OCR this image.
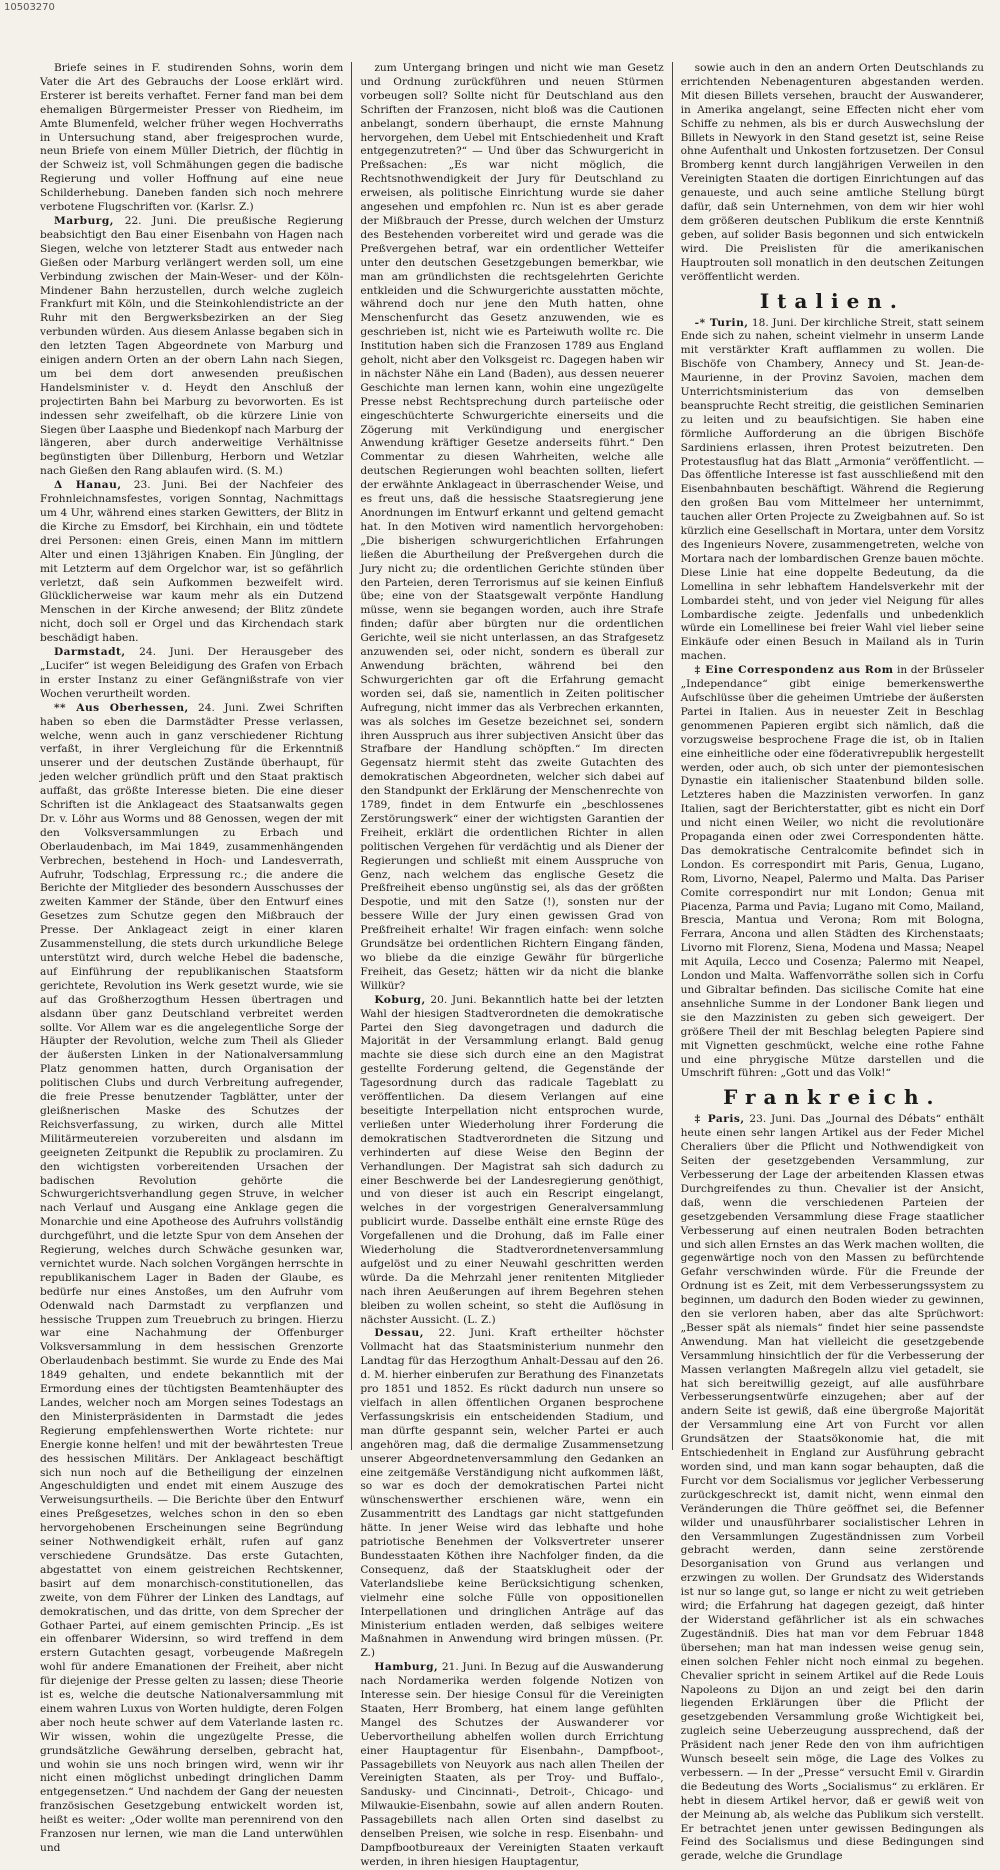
10503270

Briefe seines in F. studirenden Sohns, worin dem Vater die Art des Gebrauchs der Loose erklärt wird. Ersterer ist bereits verhaftet. Ferner fand man bei dem ehemaligen Bürgermeister Presser von Riedheim, im Amte Blumenfeld, welcher früher wegen Hochverraths in Untersuchung stand, aber freigesprochen wurde, neun Briefe von einem Müller Dietrich, der flüchtig in der Schweiz ist, voll Schmähungen gegen die badische Regierung und voller Hoffnung auf eine neue Schilderhebung. Daneben fanden sich noch mehrere verbotene Flugschriften vor. (Karlsr. Z.)

Marburg, 22. Juni. Die preußische Regierung beabsichtigt den Bau einer Eisenbahn von Hagen nach Siegen, welche von letzterer Stadt aus entweder nach Gießen oder Marburg verlängert werden soll, um eine Verbindung zwischen der Main-Weser- und der Köln-Mindener Bahn herzustellen, durch welche zugleich Frankfurt mit Köln, und die Steinkohlendistricte an der Ruhr mit den Bergwerksbezirken an der Sieg verbunden würden. Aus diesem Anlasse begaben sich in den letzten Tagen Abgeordnete von Marburg und einigen andern Orten an der obern Lahn nach Siegen, um bei dem dort anwesenden preußischen Handelsminister v. d. Heydt den Anschluß der projectirten Bahn bei Marburg zu bevorworten. Es ist indessen sehr zweifelhaft, ob die kürzere Linie von Siegen über Laasphe und Biedenkopf nach Marburg der längeren, aber durch anderweitige Verhältnisse begünstigten über Dillenburg, Herborn und Wetzlar nach Gießen den Rang ablaufen wird. (S. M.)

Δ Hanau, 23. Juni. Bei der Nachfeier des Frohnleichnamsfestes, vorigen Sonntag, Nachmittags um 4 Uhr, während eines starken Gewitters, der Blitz in die Kirche zu Emsdorf, bei Kirchhain, ein und tödtete drei Personen: einen Greis, einen Mann im mittlern Alter und einen 13jährigen Knaben. Ein Jüngling, der mit Letzterm auf dem Orgelchor war, ist so gefährlich verletzt, daß sein Aufkommen bezweifelt wird. Glücklicherweise war kaum mehr als ein Dutzend Menschen in der Kirche anwesend; der Blitz zündete nicht, doch soll er Orgel und das Kirchendach stark beschädigt haben.

Darmstadt, 24. Juni. Der Herausgeber des „Lucifer“ ist wegen Beleidigung des Grafen von Erbach in erster Instanz zu einer Gefängnißstrafe von vier Wochen verurtheilt worden.

** Aus Oberhessen, 24. Juni. Zwei Schriften haben so eben die Darmstädter Presse verlassen, welche, wenn auch in ganz verschiedener Richtung verfaßt, in ihrer Vergleichung für die Erkenntniß unserer und der deutschen Zustände überhaupt, für jeden welcher gründlich prüft und den Staat praktisch auffaßt, das größte Interesse bieten. Die eine dieser Schriften ist die Anklageact des Staatsanwalts gegen Dr. v. Löhr aus Worms und 88 Genossen, wegen der mit den Volksversammlungen zu Erbach und Oberlaudenbach, im Mai 1849, zusammenhängenden Verbrechen, bestehend in Hoch- und Landesverrath, Aufruhr, Todschlag, Erpressung rc.; die andere die Berichte der Mitglieder des besondern Ausschusses der zweiten Kammer der Stände, über den Entwurf eines Gesetzes zum Schutze gegen den Mißbrauch der Presse. Der Anklageact zeigt in einer klaren Zusammenstellung, die stets durch urkundliche Belege unterstützt wird, durch welche Hebel die badensche, auf Einführung der republikanischen Staatsform gerichtete, Revolution ins Werk gesetzt wurde, wie sie auf das Großherzogthum Hessen übertragen und alsdann über ganz Deutschland verbreitet werden sollte. Vor Allem war es die angelegentliche Sorge der Häupter der Revolution, welche zum Theil als Glieder der äußersten Linken in der Nationalversammlung Platz genommen hatten, durch Organisation der politischen Clubs und durch Verbreitung aufregender, die freie Presse benutzender Tagblätter, unter der gleißnerischen Maske des Schutzes der Reichsverfassung, zu wirken, durch alle Mittel Militärmeutereien vorzubereiten und alsdann im geeigneten Zeitpunkt die Republik zu proclamiren. Zu den wichtigsten vorbereitenden Ursachen der badischen Revolution gehörte die Schwurgerichtsverhandlung gegen Struve, in welcher nach Verlauf und Ausgang eine Anklage gegen die Monarchie und eine Apotheose des Aufruhrs vollständig durchgeführt, und die letzte Spur von dem Ansehen der Regierung, welches durch Schwäche gesunken war, vernichtet wurde. Nach solchen Vorgängen herrschte in republikanischem Lager in Baden der Glaube, es bedürfe nur eines Anstoßes, um den Aufruhr vom Odenwald nach Darmstadt zu verpflanzen und hessische Truppen zum Treuebruch zu bringen. Hierzu war eine Nachahmung der Offenburger Volksversammlung in dem hessischen Grenzorte Oberlaudenbach bestimmt. Sie wurde zu Ende des Mai 1849 gehalten, und endete bekanntlich mit der Ermordung eines der tüchtigsten Beamtenhäupter des Landes, welcher noch am Morgen seines Todestags an den Ministerpräsidenten in Darmstadt die jedes Regierung empfehlenswerthen Worte richtete: nur Energie konne helfen! und mit der bewährtesten Treue des hessischen Militärs. Der Anklageact beschäftigt sich nun noch auf die Betheiligung der einzelnen Angeschuldigten und endet mit einem Auszuge des Verweisungsurtheils. — Die Berichte über den Entwurf eines Preßgesetzes, welches schon in den so eben hervorgehobenen Erscheinungen seine Begründung seiner Nothwendigkeit erhält, rufen auf ganz verschiedene Grundsätze. Das erste Gutachten, abgestattet von einem geistreichen Rechtskenner, basirt auf dem monarchisch-constitutionellen, das zweite, von dem Führer der Linken des Landtags, auf demokratischen, und das dritte, von dem Sprecher der Gothaer Partei, auf einem gemischten Princip. „Es ist ein offenbarer Widersinn, so wird treffend in dem erstern Gutachten gesagt, vorbeugende Maßregeln wohl für andere Emanationen der Freiheit, aber nicht für diejenige der Presse gelten zu lassen; diese Theorie ist es, welche die deutsche Nationalversammlung mit einem wahren Luxus von Worten huldigte, deren Folgen aber noch heute schwer auf dem Vaterlande lasten rc. Wir wissen, wohin die ungezügelte Presse, die grundsätzliche Gewährung derselben, gebracht hat, und wohin sie uns noch bringen wird, wenn wir ihr nicht einen möglichst unbedingt dringlichen Damm entgegensetzen.“ Und nachdem der Gang der neuesten französischen Gesetzgebung entwickelt worden ist, heißt es weiter: „Oder wollte man perennirend von den Franzosen nur lernen, wie man die Land unterwühlen und

zum Untergang bringen und nicht wie man Gesetz und Ordnung zurückführen und neuen Stürmen vorbeugen soll? Sollte nicht für Deutschland aus den Schriften der Franzosen, nicht bloß was die Cautionen anbelangt, sondern überhaupt, die ernste Mahnung hervorgehen, dem Uebel mit Entschiedenheit und Kraft entgegenzutreten?“ — Und über das Schwurgericht in Preßsachen: „Es war nicht möglich, die Rechtsnothwendigkeit der Jury für Deutschland zu erweisen, als politische Einrichtung wurde sie daher angesehen und empfohlen rc. Nun ist es aber gerade der Mißbrauch der Presse, durch welchen der Umsturz des Bestehenden vorbereitet wird und gerade was die Preßvergehen betraf, war ein ordentlicher Wetteifer unter den deutschen Gesetzgebungen bemerkbar, wie man am gründlichsten die rechtsgelehrten Gerichte entkleiden und die Schwurgerichte ausstatten möchte, während doch nur jene den Muth hatten, ohne Menschenfurcht das Gesetz anzuwenden, wie es geschrieben ist, nicht wie es Parteiwuth wollte rc. Die Institution haben sich die Franzosen 1789 aus England geholt, nicht aber den Volksgeist rc. Dagegen haben wir in nächster Nähe ein Land (Baden), aus dessen neuerer Geschichte man lernen kann, wohin eine ungezügelte Presse nebst Rechtsprechung durch parteiische oder eingeschüchterte Schwurgerichte einerseits und die Zögerung mit Verkündigung und energischer Anwendung kräftiger Gesetze anderseits führt.“ Den Commentar zu diesen Wahrheiten, welche alle deutschen Regierungen wohl beachten sollten, liefert der erwähnte Anklageact in überraschender Weise, und es freut uns, daß die hessische Staatsregierung jene Anordnungen im Entwurf erkannt und geltend gemacht hat. In den Motiven wird namentlich hervorgehoben: „Die bisherigen schwurgerichtlichen Erfahrungen ließen die Aburtheilung der Preßvergehen durch die Jury nicht zu; die ordentlichen Gerichte stünden über den Parteien, deren Terrorismus auf sie keinen Einfluß übe; eine von der Staatsgewalt verpönte Handlung müsse, wenn sie begangen worden, auch ihre Strafe finden; dafür aber bürgten nur die ordentlichen Gerichte, weil sie nicht unterlassen, an das Strafgesetz anzuwenden sei, oder nicht, sondern es überall zur Anwendung brächten, während bei den Schwurgerichten gar oft die Erfahrung gemacht worden sei, daß sie, namentlich in Zeiten politischer Aufregung, nicht immer das als Verbrechen erkannten, was als solches im Gesetze bezeichnet sei, sondern ihren Ausspruch aus ihrer subjectiven Ansicht über das Strafbare der Handlung schöpften.“ Im directen Gegensatz hiermit steht das zweite Gutachten des demokratischen Abgeordneten, welcher sich dabei auf den Standpunkt der Erklärung der Menschenrechte von 1789, findet in dem Entwurfe ein „beschlossenes Zerstörungswerk“ einer der wichtigsten Garantien der Freiheit, erklärt die ordentlichen Richter in allen politischen Vergehen für verdächtig und als Diener der Regierungen und schließt mit einem Ausspruche von Genz, nach welchem das englische Gesetz die Preßfreiheit ebenso ungünstig sei, als das der größten Despotie, und mit den Satze (!), sonsten nur der bessere Wille der Jury einen gewissen Grad von Preßfreiheit erhalte! Wir fragen einfach: wenn solche Grundsätze bei ordentlichen Richtern Eingang fänden, wo bliebe da die einzige Gewähr für bürgerliche Freiheit, das Gesetz; hätten wir da nicht die blanke Willkür?

Koburg, 20. Juni. Bekanntlich hatte bei der letzten Wahl der hiesigen Stadtverordneten die demokratische Partei den Sieg davongetragen und dadurch die Majorität in der Versammlung erlangt. Bald genug machte sie diese sich durch eine an den Magistrat gestellte Forderung geltend, die Gegenstände der Tagesordnung durch das radicale Tageblatt zu veröffentlichen. Da diesem Verlangen auf eine beseitigte Interpellation nicht entsprochen wurde, verließen unter Wiederholung ihrer Forderung die demokratischen Stadtverordneten die Sitzung und verhinderten auf diese Weise den Beginn der Verhandlungen. Der Magistrat sah sich dadurch zu einer Beschwerde bei der Landesregierung genöthigt, und von dieser ist auch ein Rescript eingelangt, welches in der vorgestrigen Generalversammlung publicirt wurde. Dasselbe enthält eine ernste Rüge des Vorgefallenen und die Drohung, daß im Falle einer Wiederholung die Stadtverordnetenversammlung aufgelöst und zu einer Neuwahl geschritten werden würde. Da die Mehrzahl jener renitenten Mitglieder nach ihren Aeußerungen auf ihrem Begehren stehen bleiben zu wollen scheint, so steht die Auflösung in nächster Aussicht. (L. Z.)

Dessau, 22. Juni. Kraft ertheilter höchster Vollmacht hat das Staatsministerium nunmehr den Landtag für das Herzogthum Anhalt-Dessau auf den 26. d. M. hierher einberufen zur Berathung des Finanzetats pro 1851 und 1852. Es rückt dadurch nun unsere so vielfach in allen öffentlichen Organen besprochene Verfassungskrisis ein entscheidenden Stadium, und man dürfte gespannt sein, welcher Partei er auch angehören mag, daß die dermalige Zusammensetzung unserer Abgeordnetenversammlung den Gedanken an eine zeitgemäße Verständigung nicht aufkommen läßt, so war es doch der demokratischen Partei nicht wünschenswerther erschienen wäre, wenn ein Zusammentritt des Landtags gar nicht stattgefunden hätte. In jener Weise wird das lebhafte und hohe patriotische Benehmen der Volksvertreter unserer Bundesstaaten Köthen ihre Nachfolger finden, da die Consequenz, daß der Staatsklugheit oder der Vaterlandsliebe keine Berücksichtigung schenken, vielmehr eine solche Fülle von oppositionellen Interpellationen und dringlichen Anträge auf das Ministerium entladen werden, daß selbiges weitere Maßnahmen in Anwendung wird bringen müssen. (Pr. Z.)

Hamburg, 21. Juni. In Bezug auf die Auswanderung nach Nordamerika werden folgende Notizen von Interesse sein. Der hiesige Consul für die Vereinigten Staaten, Herr Bromberg, hat einem lange gefühlten Mangel des Schutzes der Auswanderer vor Uebervortheilung abhelfen wollen durch Errichtung einer Hauptagentur für Eisenbahn-, Dampfboot-, Passagebillets von Neuyork aus nach allen Theilen der Vereinigten Staaten, als per Troy- und Buffalo-, Sandusky- und Cincinnati-, Detroit-, Chicago- und Milwaukie-Eisenbahn, sowie auf allen andern Routen. Passagebillets nach allen Orten sind daselbst zu denselben Preisen, wie solche in resp. Eisenbahn- und Dampfbootbureaux der Vereinigten Staaten verkauft werden, in ihren hiesigen Hauptagentur,

sowie auch in den an andern Orten Deutschlands zu errichtenden Nebenagenturen abgestanden werden. Mit diesen Billets versehen, braucht der Auswanderer, in Amerika angelangt, seine Effecten nicht eher vom Schiffe zu nehmen, als bis er durch Auswechslung der Billets in Newyork in den Stand gesetzt ist, seine Reise ohne Aufenthalt und Unkosten fortzusetzen. Der Consul Bromberg kennt durch langjährigen Verweilen in den Vereinigten Staaten die dortigen Einrichtungen auf das genaueste, und auch seine amtliche Stellung bürgt dafür, daß sein Unternehmen, von dem wir hier wohl dem größeren deutschen Publikum die erste Kenntniß geben, auf solider Basis begonnen und sich entwickeln wird. Die Preislisten für die amerikanischen Hauptrouten soll monatlich in den deutschen Zeitungen veröffentlicht werden.

Italien.

-* Turin, 18. Juni. Der kirchliche Streit, statt seinem Ende sich zu nahen, scheint vielmehr in unserm Lande mit verstärkter Kraft aufflammen zu wollen. Die Bischöfe von Chambery, Annecy und St. Jean-de-Maurienne, in der Provinz Savoien, machen dem Unterrichtsministerium das von demselben beanspruchte Recht streitig, die geistlichen Seminarien zu leiten und zu beaufsichtigen. Sie haben eine förmliche Aufforderung an die übrigen Bischöfe Sardiniens erlassen, ihren Protest beizutreten. Den Protestausflug hat das Blatt „Armonia“ veröffentlicht. — Das öffentliche Interesse ist fast ausschließend mit den Eisenbahnbauten beschäftigt. Während die Regierung den großen Bau vom Mittelmeer her unternimmt, tauchen aller Orten Projecte zu Zweigbahnen auf. So ist kürzlich eine Gesellschaft in Mortara, unter dem Vorsitz des Ingenieurs Novere, zusammengetreten, welche von Mortara nach der lombardischen Grenze bauen möchte. Diese Linie hat eine doppelte Bedeutung, da die Lomellina in sehr lebhaftem Handelsverkehr mit der Lombardei steht, und von jeder viel Neigung für alles Lombardische zeigte. Jedenfalls und unbedenklich würde ein Lomellinese bei freier Wahl viel lieber seine Einkäufe oder einen Besuch in Mailand als in Turin machen.

‡ Eine Correspondenz aus Rom in der Brüsseler „Independance“ gibt einige bemerkenswerthe Aufschlüsse über die geheimen Umtriebe der äußersten Partei in Italien. Aus in neuester Zeit in Beschlag genommenen Papieren ergibt sich nämlich, daß die vorzugsweise besprochene Frage die ist, ob in Italien eine einheitliche oder eine föderativrepublik hergestellt werden, oder auch, ob sich unter der piemontesischen Dynastie ein italienischer Staatenbund bilden solle. Letzteres haben die Mazzinisten verworfen. In ganz Italien, sagt der Berichterstatter, gibt es nicht ein Dorf und nicht einen Weiler, wo nicht die revolutionäre Propaganda einen oder zwei Correspondenten hätte. Das demokratische Centralcomite befindet sich in London. Es correspondirt mit Paris, Genua, Lugano, Rom, Livorno, Neapel, Palermo und Malta. Das Pariser Comite correspondirt nur mit London; Genua mit Piacenza, Parma und Pavia; Lugano mit Como, Mailand, Brescia, Mantua und Verona; Rom mit Bologna, Ferrara, Ancona und allen Städten des Kirchenstaats; Livorno mit Florenz, Siena, Modena und Massa; Neapel mit Aquila, Lecco und Cosenza; Palermo mit Neapel, London und Malta. Waffenvorräthe sollen sich in Corfu und Gibraltar befinden. Das sicilische Comite hat eine ansehnliche Summe in der Londoner Bank liegen und sie den Mazzinisten zu geben sich geweigert. Der größere Theil der mit Beschlag belegten Papiere sind mit Vignetten geschmückt, welche eine rothe Fahne und eine phrygische Mütze darstellen und die Umschrift führen: „Gott und das Volk!“

Frankreich.

‡ Paris, 23. Juni. Das „Journal des Débats“ enthält heute einen sehr langen Artikel aus der Feder Michel Cheraliers über die Pflicht und Nothwendigkeit von Seiten der gesetzgebenden Versammlung, zur Verbesserung der Lage der arbeitenden Klassen etwas Durchgreifendes zu thun. Chevalier ist der Ansicht, daß, wenn die verschiedenen Parteien der gesetzgebenden Versammlung diese Frage staatlicher Verbesserung auf einen neutralen Boden betrachten und sich allen Ernstes an das Werk machen wollten, die gegenwärtige noch von den Massen zu befürchtende Gefahr verschwinden würde. Für die Freunde der Ordnung ist es Zeit, mit dem Verbesserungssystem zu beginnen, um dadurch den Boden wieder zu gewinnen, den sie verloren haben, aber das alte Sprüchwort: „Besser spät als niemals“ findet hier seine passendste Anwendung. Man hat vielleicht die gesetzgebende Versammlung hinsichtlich der für die Verbesserung der Massen verlangten Maßregeln allzu viel getadelt, sie hat sich bereitwillig gezeigt, auf alle ausführbare Verbesserungsentwürfe einzugehen; aber auf der andern Seite ist gewiß, daß eine übergroße Majorität der Versammlung eine Art von Furcht vor allen Grundsätzen der Staatsökonomie hat, die mit Entschiedenheit in England zur Ausführung gebracht worden sind, und man kann sogar behaupten, daß die Furcht vor dem Socialismus vor jeglicher Verbesserung zurückgeschreckt ist, damit nicht, wenn einmal den Veränderungen die Thüre geöffnet sei, die Befenner wilder und unausführbarer socialistischer Lehren in den Versammlungen Zugeständnissen zum Vorbeil gebracht werden, dann seine zerstörende Desorganisation von Grund aus verlangen und erzwingen zu wollen. Der Grundsatz des Widerstands ist nur so lange gut, so lange er nicht zu weit getrieben wird; die Erfahrung hat dagegen gezeigt, daß hinter der Widerstand gefährlicher ist als ein schwaches Zugeständniß. Dies hat man vor dem Februar 1848 übersehen; man hat man indessen weise genug sein, einen solchen Fehler nicht noch einmal zu begehen. Chevalier spricht in seinem Artikel auf die Rede Louis Napoleons zu Dijon an und zeigt bei den darin liegenden Erklärungen über die Pflicht der gesetzgebenden Versammlung große Wichtigkeit bei, zugleich seine Ueberzeugung aussprechend, daß der Präsident nach jener Rede den von ihm aufrichtigen Wunsch beseelt sein möge, die Lage des Volkes zu verbessern. — In der „Presse“ versucht Emil v. Girardin die Bedeutung des Worts „Socialismus“ zu erklären. Er hebt in diesem Artikel hervor, daß er gewiß weit von der Meinung ab, als welche das Publikum sich verstellt. Er betrachtet jenen unter gewissen Bedingungen als Feind des Socialismus und diese Bedingungen sind gerade, welche die Grundlage
